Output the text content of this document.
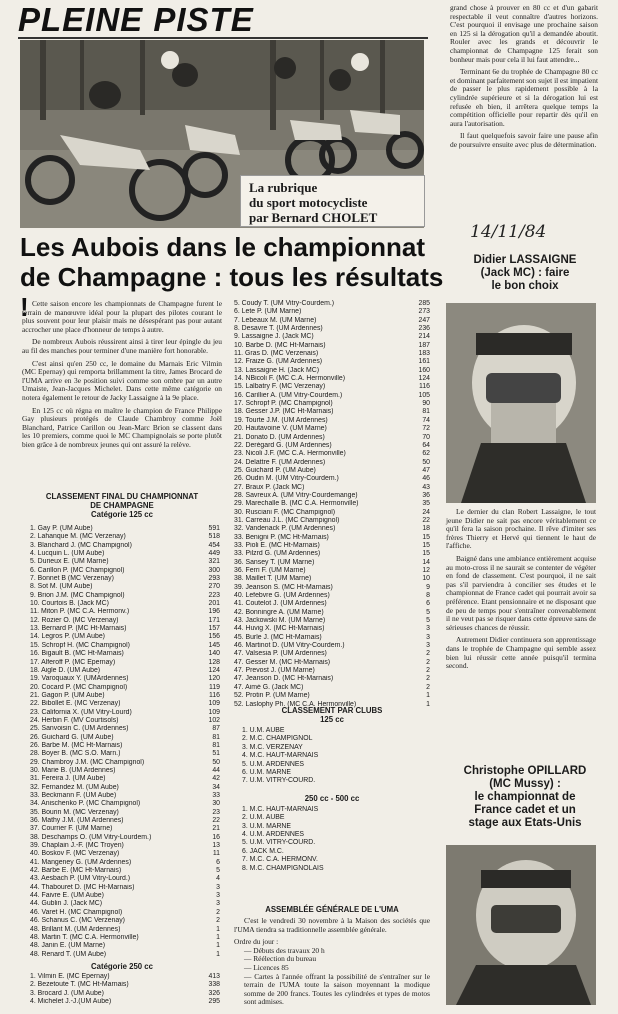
PLEINE PISTE
La rubrique
du sport motocycliste
par Bernard CHOLET

grand chose à prouver en 80 cc et d'un gabarit respectable il veut connaître d'autres horizons. C'est pourquoi il envisage une prochaine saison en 125 si la dérogation qu'il a demandée aboutit. Rouler avec les grands et découvrir le championnat de Champagne 125 ferait son bonheur mais pour cela il lui faut attendre...

Terminant 6e du trophée de Champagne 80 cc et dominant parfaitement son sujet il est impatient de passer le plus rapidement possible à la cylindrée supérieure et si la dérogation lui est refusée eh bien, il arrêtera quelque temps la compétition officielle pour repartir dès qu'il en aura l'autorisation.

Il faut quelquefois savoir faire une pause afin de poursuivre ensuite avec plus de détermination.

14/11/84
Les Aubois dans le championnat de Champagne : tous les résultats ! Cette saison encore les championnats de Champagne furent le terrain de manœuvre idéal pour la plupart des pilotes courant le plus souvent pour leur plaisir mais ne désespérant pas pour autant accrocher une place d'honneur de temps à autre.

De nombreux Aubois réussirent ainsi à tirer leur épingle du jeu au fil des manches pour terminer d'une manière fort honorable.

C'est ainsi qu'en 250 cc, le domaine du Marnais Eric Vilmin (MC Epernay) qui remporta brillamment la titre, James Brocard de l'UMA arrive en 3e position suivi comme son ombre par un autre Umaiste, Jean-Jacques Michelet. Dans cette même catégorie on notera également le retour de Jacky Lassaigne à la 9e place.

En 125 cc où régna en maître le champion de France Philippe Gay plusieurs protégés de Claude Chambroy comme Joël Blanchard, Patrice Carillon ou Jean-Marc Brion se classent dans les 10 premiers, comme quoi le MC Champignolais se porte plutôt bien grâce à de nombreux jeunes qui ont assuré la relève.

CLASSEMENT FINAL DU CHAMPIONNAT
DE CHAMPAGNE
Catégorie 125 cc
1. Gay P. (UM Aube)	591
2. Lahanque M. (MC Verzenay)	518
3. Blanchard J. (MC Champignol)	454
4. Lucquin L. (UM Aube)	449
5. Durieux E. (UM Marne)	321
6. Carillon P. (MC Champignol)	300
7. Bonnet B (MC Verzenay)	293
8. Sot M. (UM Aube)	270
9. Brion J.M. (MC Champignol)	223
10. Courtois B. (Jack MC)	201
11. Miton P. (MC C.A. Hermonv.)	196
12. Rozier O. (MC Verzenay)	171
13. Bernard P. (MC Ht-Marnais)	157
14. Legros P. (UM Aube)	156
15. Schropf H. (MC Champignol)	145
16. Bigault B. (MC Ht-Marnais)	140
17. Alferoff P. (MC Epernay)	128
18. Aigle D. (UM Aube)	124
19. Varoquaux Y. (UMArdennes)	120
20. Cocard P. (MC Champignol)	119
21. Gagon P. (UM Aube)	116
22. Bibollet E. (MC Verzenay)	109
23. California X. (UM Vitry-Lourd)	109
24. Herbin F. (MV Courtisols)	102
25. Sanvoisin C. (UM Ardennes)	87
26. Guichard G. (UM Aube)	81
26. Barbe M. (MC Ht-Marnais)	81
28. Boyer B. (MC S.O. Marn.)	51
29. Chambroy J.M. (MC Champignol)	50
30. Marie B. (UM Ardennes)	44
31. Fereira J. (UM Aube)	42
32. Fernandez M. (UM Aube)	34
33. Beckmann F. (UM Aube)	33
34. Anischenko P. (MC Champignol)	30
35. Bourin M. (MC Verzenay)	23
36. Mathy J.M. (UM Ardennes)	22
37. Courrier F. (UM Marne)	21
38. Deschamps O. (UM Vitry-Lourdem.)	16
39. Chaplain J.-F. (MC Troyen)	13
40. Boskov F. (MC Verzenay)	11
41. Mangeney G. (UM Ardennes)	6
42. Barbe E. (MC Ht-Marnais)	5
43. Aesbach P. (UM Vitry-Lourd.)	4
44. Thabouret D. (MC Ht-Marnais)	3
44. Faivre E. (UM Aube)	3
44. Gublin J. (Jack MC)	3
46. Varet H. (MC Champignol)	2
46. Schanus C. (MC Verzenay)	2
48. Brillant M. (UM Ardennes)	1
48. Martin T. (MC C.A. Hermonville)	1
48. Janin E. (UM Marne)	1
48. Renard T. (UM Aube)	1
Catégorie 250 cc
1. Vilmin E. (MC Epernay)	413
2. Bezetoute T. (MC Ht-Marnais)	338
3. Brocard J. (UM Aube)	326
4. Michelet J.-J.(UM Aube)	295
5. Coudy T. (UM Vitry-Courdem.)	285
6. Lete P. (UM Marne)	273
7. Lebeaux M. (UM Marne)	247
8. Desavre T. (UM Ardennes)	236
9. Lassaigne J. (Jack MC)	214
10. Barbe D. (MC Ht-Marnais)	187
11. Gras D. (MC Verzenais)	183
12. Fraize G. (UM Ardennes)	161
13. Lassaigne H. (Jack MC)	160
14. NBicoli F. (MC C.A. Hermonville)	124
15. Lalbatry F. (MC Verzenay)	116
16. Carillier A. (UM Vitry-Courdem.)	105
17. Schropf P. (MC Champignol)	90
18. Gesser J.P. (MC Ht-Marnais)	81
19. Tourte J.M. (UM Ardennes)	74
20. Hautavoine V. (UM Marne)	72
21. Donato D. (UM Ardennes)	70
22. Derégard G. (UM Ardennes)	64
23. Nicoli J.F. (MC C.A. Hermonville)	62
24. Delattre F. (UM Ardennes)	50
25. Guichard P. (UM Aube)	47
26. Oudin M. (UM Vitry-Courdem.)	46
27. Braux P. (Jack MC)	43
28. Savreux A. (UM Vitry-Courdemange)	36
29. Marechalle B. (MC C.A. Hermonville)	35
30. Rusciani F. (MC Champignol)	24
31. Carreau J.L. (MC Champignol)	22
32. Vandenack P. (UM Ardennes)	18
33. Benigni P. (MC Ht-Marnais)	15
33. Pioli E. (MC Ht-Marnais)	15
33. Pilzrd G. (UM Ardennes)	15
36. Sansey T. (UM Marne)	14
36. Ferri F. (UM Marne)	12
38. Maillet T. (UM Marne)	10
39. Jeanson S. (MC Ht-Marnais)	9
40. Lefebvre G. (UM Ardennes)	8
41. Coutelot J. (UM Ardennes)	6
42. Bonningre A. (UM Marne)	5
43. Jackowski M. (UM Marne)	5
44. Huvig X. (MC Ht-Marnais)	3
45. Burle J. (MC Ht-Marnais)	3
46. Martinot D. (UM Vitry-Courdem.)	3
47. Valsesia P. (UM Ardennes)	2
47. Gesser M. (MC Ht-Marnais)	2
47. Prevost J. (UM Marne)	2
47. Jeanson D. (MC Ht-Marnais)	2
47. Aimé G. (Jack MC)	2
52. Protin P. (UM Marne)	1
52. Laslophy Ph. (MC C.A. Hermonville)	1
CLASSEMENT PAR CLUBS
125 cc
1. U.M. AUBE
2. M.C. CHAMPIGNOL
3. M.C. VERZENAY
4. M.C. HAUT-MARNAIS
5. U.M. ARDENNES
6. U.M. MARNE
7. U.M. VITRY-COURD.
250 cc - 500 cc
1. M.C. HAUT-MARNAIS
2. U.M. AUBE
3. U.M. MARNE
4. U.M. ARDENNES
5. U.M. VITRY-COURD.
6. JACK M.C.
7. M.C. C.A. HERMONV.
8. M.C. CHAMPIGNOLAIS
ASSEMBLÉE GÉNÉRALE DE L'UMA

C'est le vendredi 30 novembre à la Maison des sociétés que l'UMA tiendra sa traditionnelle assemblée générale.

Ordre du jour :
— Débuts des travaux 20 h
— Réélection du bureau
— Licences 85
— Cartes à l'année offrant la possibilité de s'entraîner sur le terrain de l'UMA toute la saison moyennant la modique somme de 200 francs. Toutes les cylindrées et types de motos sont admises.
Didier LASSAIGNE
(Jack MC) : faire
le bon choix

Le dernier du clan Robert Lassaigne, le tout jeune Didier ne sait pas encore véritablement ce qu'il fera la saison prochaine. Il rêve d'imiter ses frères Thierry et Hervé qui tiennent le haut de l'affiche.

Baigné dans une ambiance entièrement acquise au moto-cross il ne saurait se contenter de végéter en fond de classement. C'est pourquoi, il ne sait pas s'il parviendra à concilier ses études et le championnat de France cadet qui pourrait avoir sa préférence. Etant pensionnaire et ne disposant que de peu de temps pour s'entraîner convenablement il ne veut pas se risquer dans cette épreuve sans de sérieuses chances de réussir.

Autrement Didier continuera son apprentissage dans le trophée de Champagne qui semble assez bien lui réussir cette année puisqu'il termina second.

Christophe OPILLARD
(MC Mussy) :
le championnat de
France cadet et un
stage aux Etats-Unis
